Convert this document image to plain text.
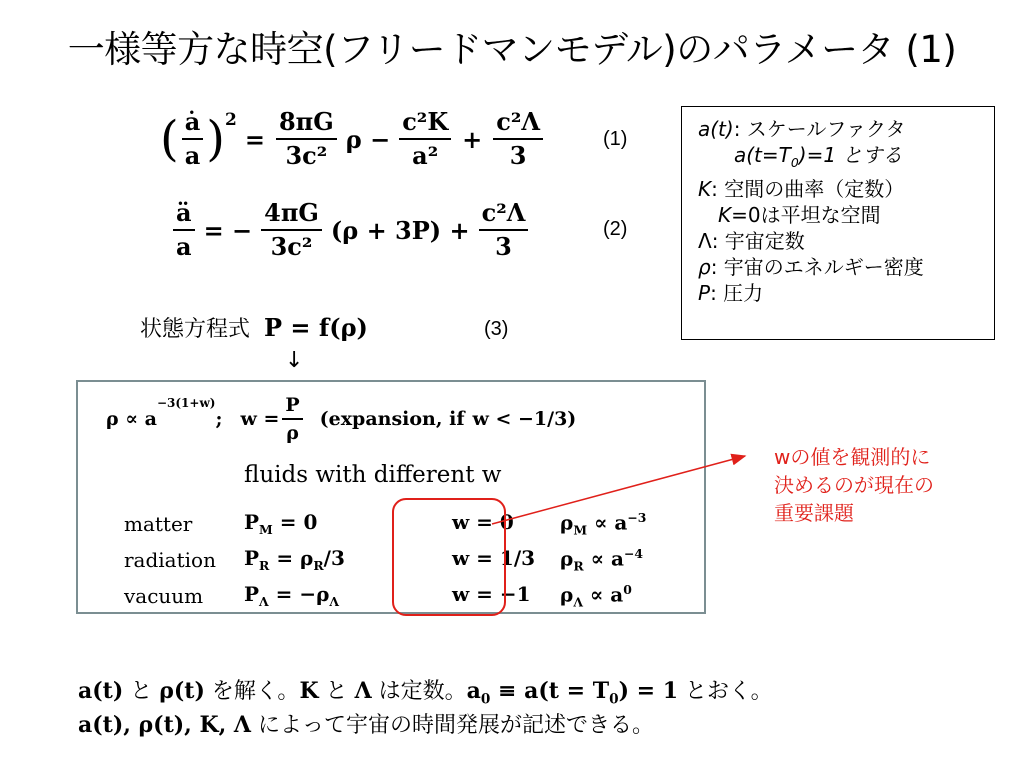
一様等方な時空(フリードマンモデル)のパラメータ (1)
( $\frac{ȧ}{a}$ ) 2
= $\frac{8\pi G}{\text{3c²}}$ $\rho - \frac{\text{c²K}}{\text{a²}} + \frac{\text{c²Λ}}{3}$	(1)
$\frac{ä}{a}$ = − $\frac{4\pi G}{\text{3c²}} (\rho + 3P) + \frac{\text{c²Λ}}{3}$	(2)
状態方程式 P = f(ρ)	(3)
↓
a(t): スケールファクタ
$a(t=T_0)=1$ とする
K: 空間の曲率（定数）
K=0は平坦な空間
Λ: 宇宙定数
ρ: 宇宙のエネルギー密度
P: 圧力
ρ ∝ a
$^{-3(1+w)}$
; $w = \frac{P}{\rho}$ (expansion, if w < −1/3)
fluids with different w
matter	$P_M = 0$	w = 0 $\rho_M \propto a^{-3}$
radiation $P_R = \rho_R/3$	w = 1/3 $\rho_R \propto a^{-4}$
vacuum $P_\Lambda = -\rho_\Lambda$	w = −1 $\rho_\Lambda \propto a^0$
wの値を観測的に
決めるのが現在の
重要課題
a(t) と ρ(t) を解く。K と Λ は定数。$a_0 \equiv a(t = T_0) = 1$ とおく。
a(t), ρ(t), K, Λ によって宇宙の時間発展が記述できる。
